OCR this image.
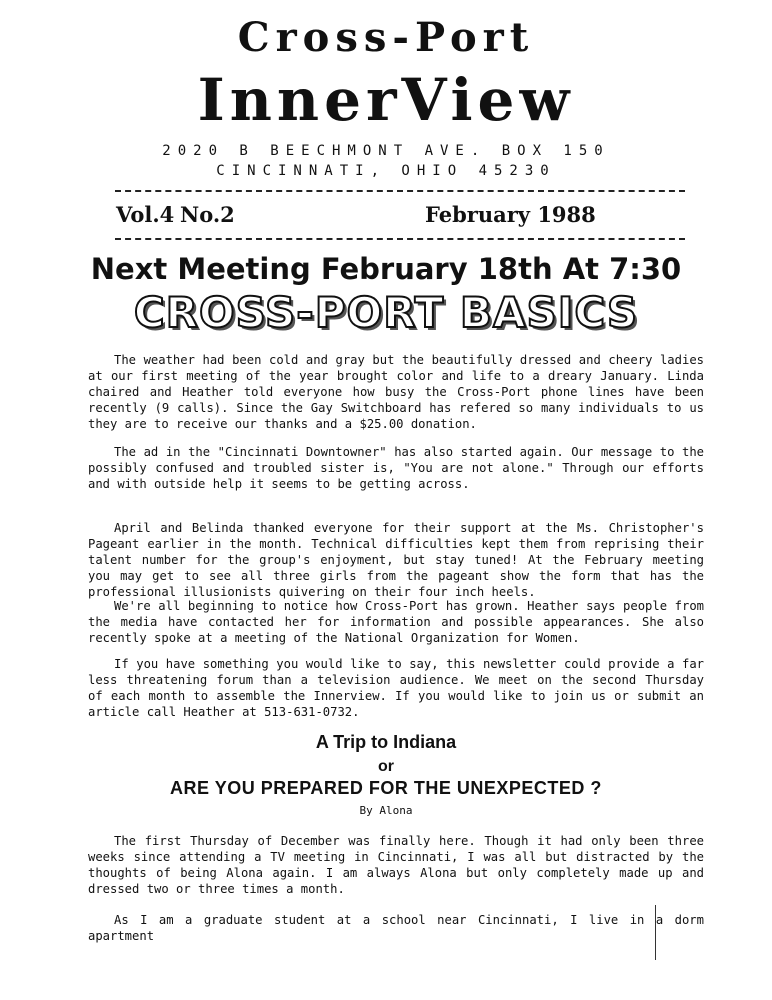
Cross-Port
InnerView
2020 B BEECHMONT AVE. BOX 150
CINCINNATI, OHIO 45230
Vol.4 No.2	February 1988
Next Meeting February 18th At 7:30
CROSS-PORT BASICS

The weather had been cold and gray but the beautifully dressed and cheery ladies at our first meeting of the year brought color and life to a dreary January. Linda chaired and Heather told everyone how busy the Cross-Port phone lines have been recently (9 calls). Since the Gay Switchboard has refered so many individuals to us they are to receive our thanks and a $25.00 donation.

The ad in the "Cincinnati Downtowner" has also started again. Our message to the possibly confused and troubled sister is, "You are not alone." Through our efforts and with outside help it seems to be getting across.

April and Belinda thanked everyone for their support at the Ms. Christopher's Pageant earlier in the month. Technical difficulties kept them from reprising their talent number for the group's enjoyment, but stay tuned! At the February meeting you may get to see all three girls from the pageant show the form that has the professional illusionists quivering on their four inch heels.

We're all beginning to notice how Cross-Port has grown. Heather says people from the media have contacted her for information and possible appearances. She also recently spoke at a meeting of the National Organization for Women.

If you have something you would like to say, this newsletter could provide a far less threatening forum than a television audience. We meet on the second Thursday of each month to assemble the Innerview. If you would like to join us or submit an article call Heather at 513-631-0732.

A Trip to Indiana
or
ARE YOU PREPARED FOR THE UNEXPECTED ?
By Alona

The first Thursday of December was finally here. Though it had only been three weeks since attending a TV meeting in Cincinnati, I was all but distracted by the thoughts of being Alona again. I am always Alona but only completely made up and dressed two or three times a month.

As I am a graduate student at a school near Cincinnati, I live in a dorm apartment
